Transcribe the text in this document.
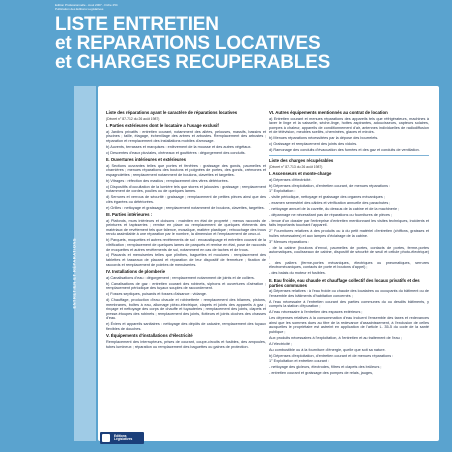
Edition Professionnelle - Aout 2007 - Fiche 254
Publication des Editions Legislatives
LISTE ENTRETIEN
et REPARATIONS LOCATIVES
et CHARGES RECUPERABLES
ENTRETIEN ET RÉPARATIONS
Liste des réparations ayant le caractère de réparations locatives
(Décret n° 87-712 du 26 août 1987)
I. Parties extérieures dont le locataire a l'usage exclusif
a) Jardins privatifs : entretien courant, notamment des allées, pelouses, massifs, bassins et piscines ; taille, élagage, échenillage des arbres et arbustes. Remplacement des arbustes ; réparation et remplacement des installations mobiles d'arrosage.
b) Auvents, terrasses et marquises : enlèvement de la mousse et des autres végétaux.
c) Descentes d'eaux pluviales, chéneaux et gouttières : dégorgement des conduits.
II. Ouvertures intérieures et extérieures
a) Sections ouvrantes telles que portes et fenêtres : graissage des gonds, paumelles et charnières ; menues réparations des boutons et poignées de portes, des gonds, crémones et espagnolettes ; remplacement notamment de boulons, clavettes et targettes.
b) Vitrages : réfection des mastics ; remplacement des vitres détériorées.
c) Dispositifs d'occultation de la lumière tels que stores et jalousies : graissage ; remplacement notamment de cordes, poulies ou de quelques lames.
d) Serrures et verrous de sécurité : graissage ; remplacement de petites pièces ainsi que des clés égarées ou détériorées.
e) Grilles : nettoyage et graissage ; remplacement notamment de boulons, clavettes, targettes.
III. Parties intérieures :
a) Plafonds, murs intérieurs et cloisons : maintien en état de propreté ; menus raccords de peintures et tapisseries ; remise en place ou remplacement de quelques éléments des matériaux de revêtement tels que faïence, mosaïque, matière plastique ; rebouchage des trous rendu assimilable à une réparation par le nombre, la dimension et l'emplacement de ceux-ci.
b) Parquets, moquettes et autres revêtements de sol : encaustiquage et entretien courant de la vitrification ; remplacement de quelques lames de parquets et remise en état, pose de raccords de moquettes et autres revêtements de sol, notamment en cas de taches et de trous.
c) Placards et menuiseries telles que plinthes, baguettes et moulures : remplacement des tablettes et tasseaux de placard et réparation de leur dispositif de fermeture ; fixation de raccords et remplacement de pointes de menuiseries.
IV. Installations de plomberie
a) Canalisations d'eau : dégorgement ; remplacement notamment de joints et de colliers.
b) Canalisations de gaz : entretien courant des robinets, siphons et ouvertures d'aération ; remplacement périodique des tuyaux souples de raccordement.
c) Fosses septiques, puisards et fosses d'aisance : vidange.
d) Chauffage, production d'eau chaude et robinetterie : remplacement des bilames, pistons, membranes, boîtes à eau, allumage piézo-électrique, clapets et joints des appareils à gaz ; rinçage et nettoyage des corps de chauffe et tuyauteries ; remplacement des joints, clapets et presse-étoupes des robinets ; remplacement des joints, flotteurs et joints cloches des chasses d'eau.
e) Éviers et appareils sanitaires : nettoyage des dépôts de calcaire, remplacement des tuyaux flexibles de douches.
V. Équipements d'installations d'électricité
Remplacement des interrupteurs, prises de courant, coupe-circuits et fusibles, des ampoules, tubes lumineux ; réparation ou remplacement des baguettes ou gaines de protection.
VI. Autres équipements mentionnés au contrat de location
a) Entretien courant et menues réparations des appareils tels que réfrigérateurs, machines à laver le linge et la vaisselle, sèche-linge, hottes aspirantes, adoucisseurs, capteurs solaires, pompes à chaleur, appareils de conditionnement d'air, antennes individuelles de radiodiffusion et de télévision, meubles scellés, cheminées, glaces et miroirs.
b) Menues réparations nécessitées par la dépose des bourrelets.
c) Graissage et remplacement des joints des vidoirs.
d) Ramonage des conduits d'évacuation des fumées et des gaz et conduits de ventilation.
Liste des charges récupérables
(Décret n° 87-713 du 26 août 1987)
I. Ascenseurs et monte-charge
a) Dépenses d'électricité.
b) Dépenses d'exploitation, d'entretien courant, de menues réparations :
1° Exploitation :
- visite périodique, nettoyage et graissage des organes mécaniques ;
- examen semestriel des câbles et vérification annuelle des parachutes ;
- nettoyage annuel de la cuvette, du dessus de la cabine et de la machinerie ;
- dépannage ne nécessitant pas de réparations ou fournitures de pièces ;
- tenue d'un dossier par l'entreprise d'entretien mentionnant les visites techniques, incidents et faits importants touchant l'appareil.
2° Fournitures relatives à des produits ou à du petit matériel d'entretien (chiffons, graisses et huiles nécessaires) et aux lampes d'éclairage de la cabine.
3° Menues réparations :
- de la cabine (boutons d'envoi, paumelles de portes, contacts de portes, ferme-portes automatiques, coulisseaux de cabine, dispositif de sécurité de seuil et cellule photo-électrique) ;
- des paliers (ferme-portes mécaniques, électriques ou pneumatiques, serrures électromécaniques, contacts de porte et boutons d'appel) ;
- des balais du moteur et fusibles.
II. Eau froide, eau chaude et chauffage collectif des locaux privatifs et des parties communes
a) Dépenses relatives : à l'eau froide ou chaude des locataires ou occupants du bâtiment ou de l'ensemble des bâtiments d'habitation concernés ;
A l'eau nécessaire à l'entretien courant des parties communes du ou desdits bâtiments, y compris la station d'épuration ;
A l'eau nécessaire à l'entretien des espaces extérieurs ;
Les dépenses relatives à la consommation d'eau incluent l'ensemble des taxes et redevances ainsi que les sommes dues au titre de la redevance d'assainissement, à l'exclusion de celles auxquelles le propriétaire est astreint en application de l'article L. 35-5 du code de la santé publique ;
Aux produits nécessaires à l'exploitation, à l'entretien et au traitement de l'eau ;
A l'électricité ;
Au combustible ou à la fourniture d'énergie, quelle que soit sa nature.
b) Dépenses d'exploitation, d'entretien courant et de menues réparations :
1° Exploitation et entretien courant :
- nettoyage des gicleurs, électrodes, filtres et clapets des brûleurs ;
- entretien courant et graissage des pompes de relais, jauges,
Editions
Législatives
